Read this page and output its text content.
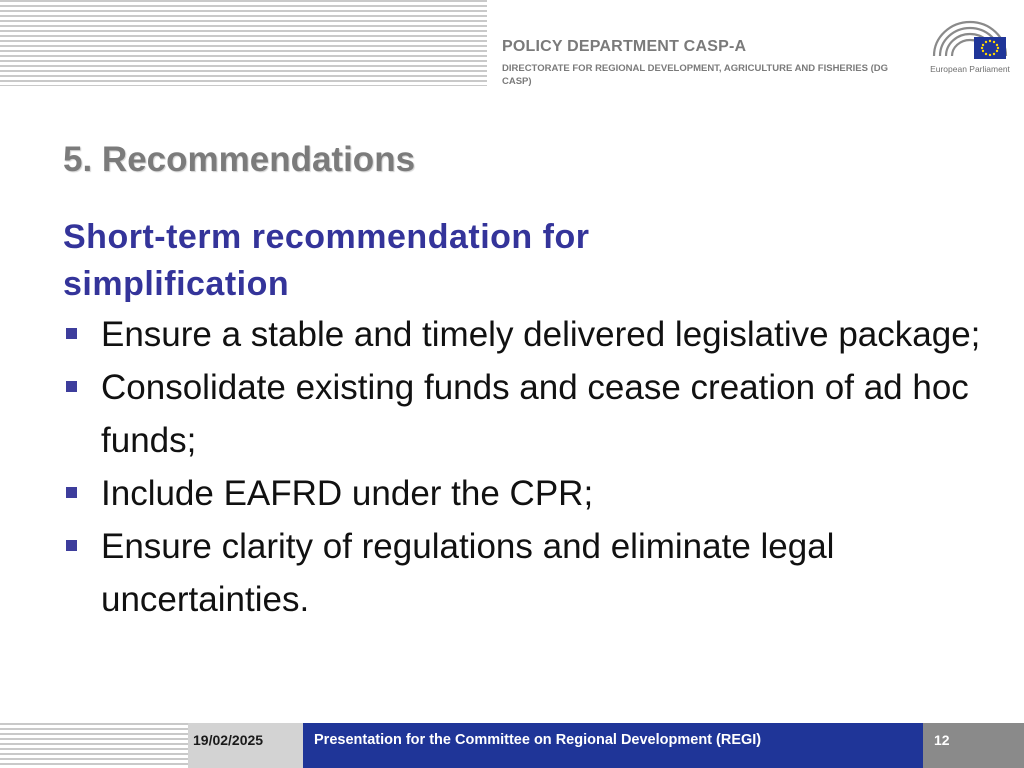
POLICY DEPARTMENT CASP-A
DIRECTORATE FOR REGIONAL DEVELOPMENT, AGRICULTURE AND FISHERIES (DG CASP)
European Parliament
5. Recommendations
Short-term recommendation for simplification
Ensure a stable and timely delivered legislative package;
Consolidate existing funds and cease creation of ad hoc funds;
Include EAFRD under the CPR;
Ensure clarity of regulations and eliminate legal uncertainties.
19/02/2025	Presentation for the Committee on Regional Development (REGI)	12
